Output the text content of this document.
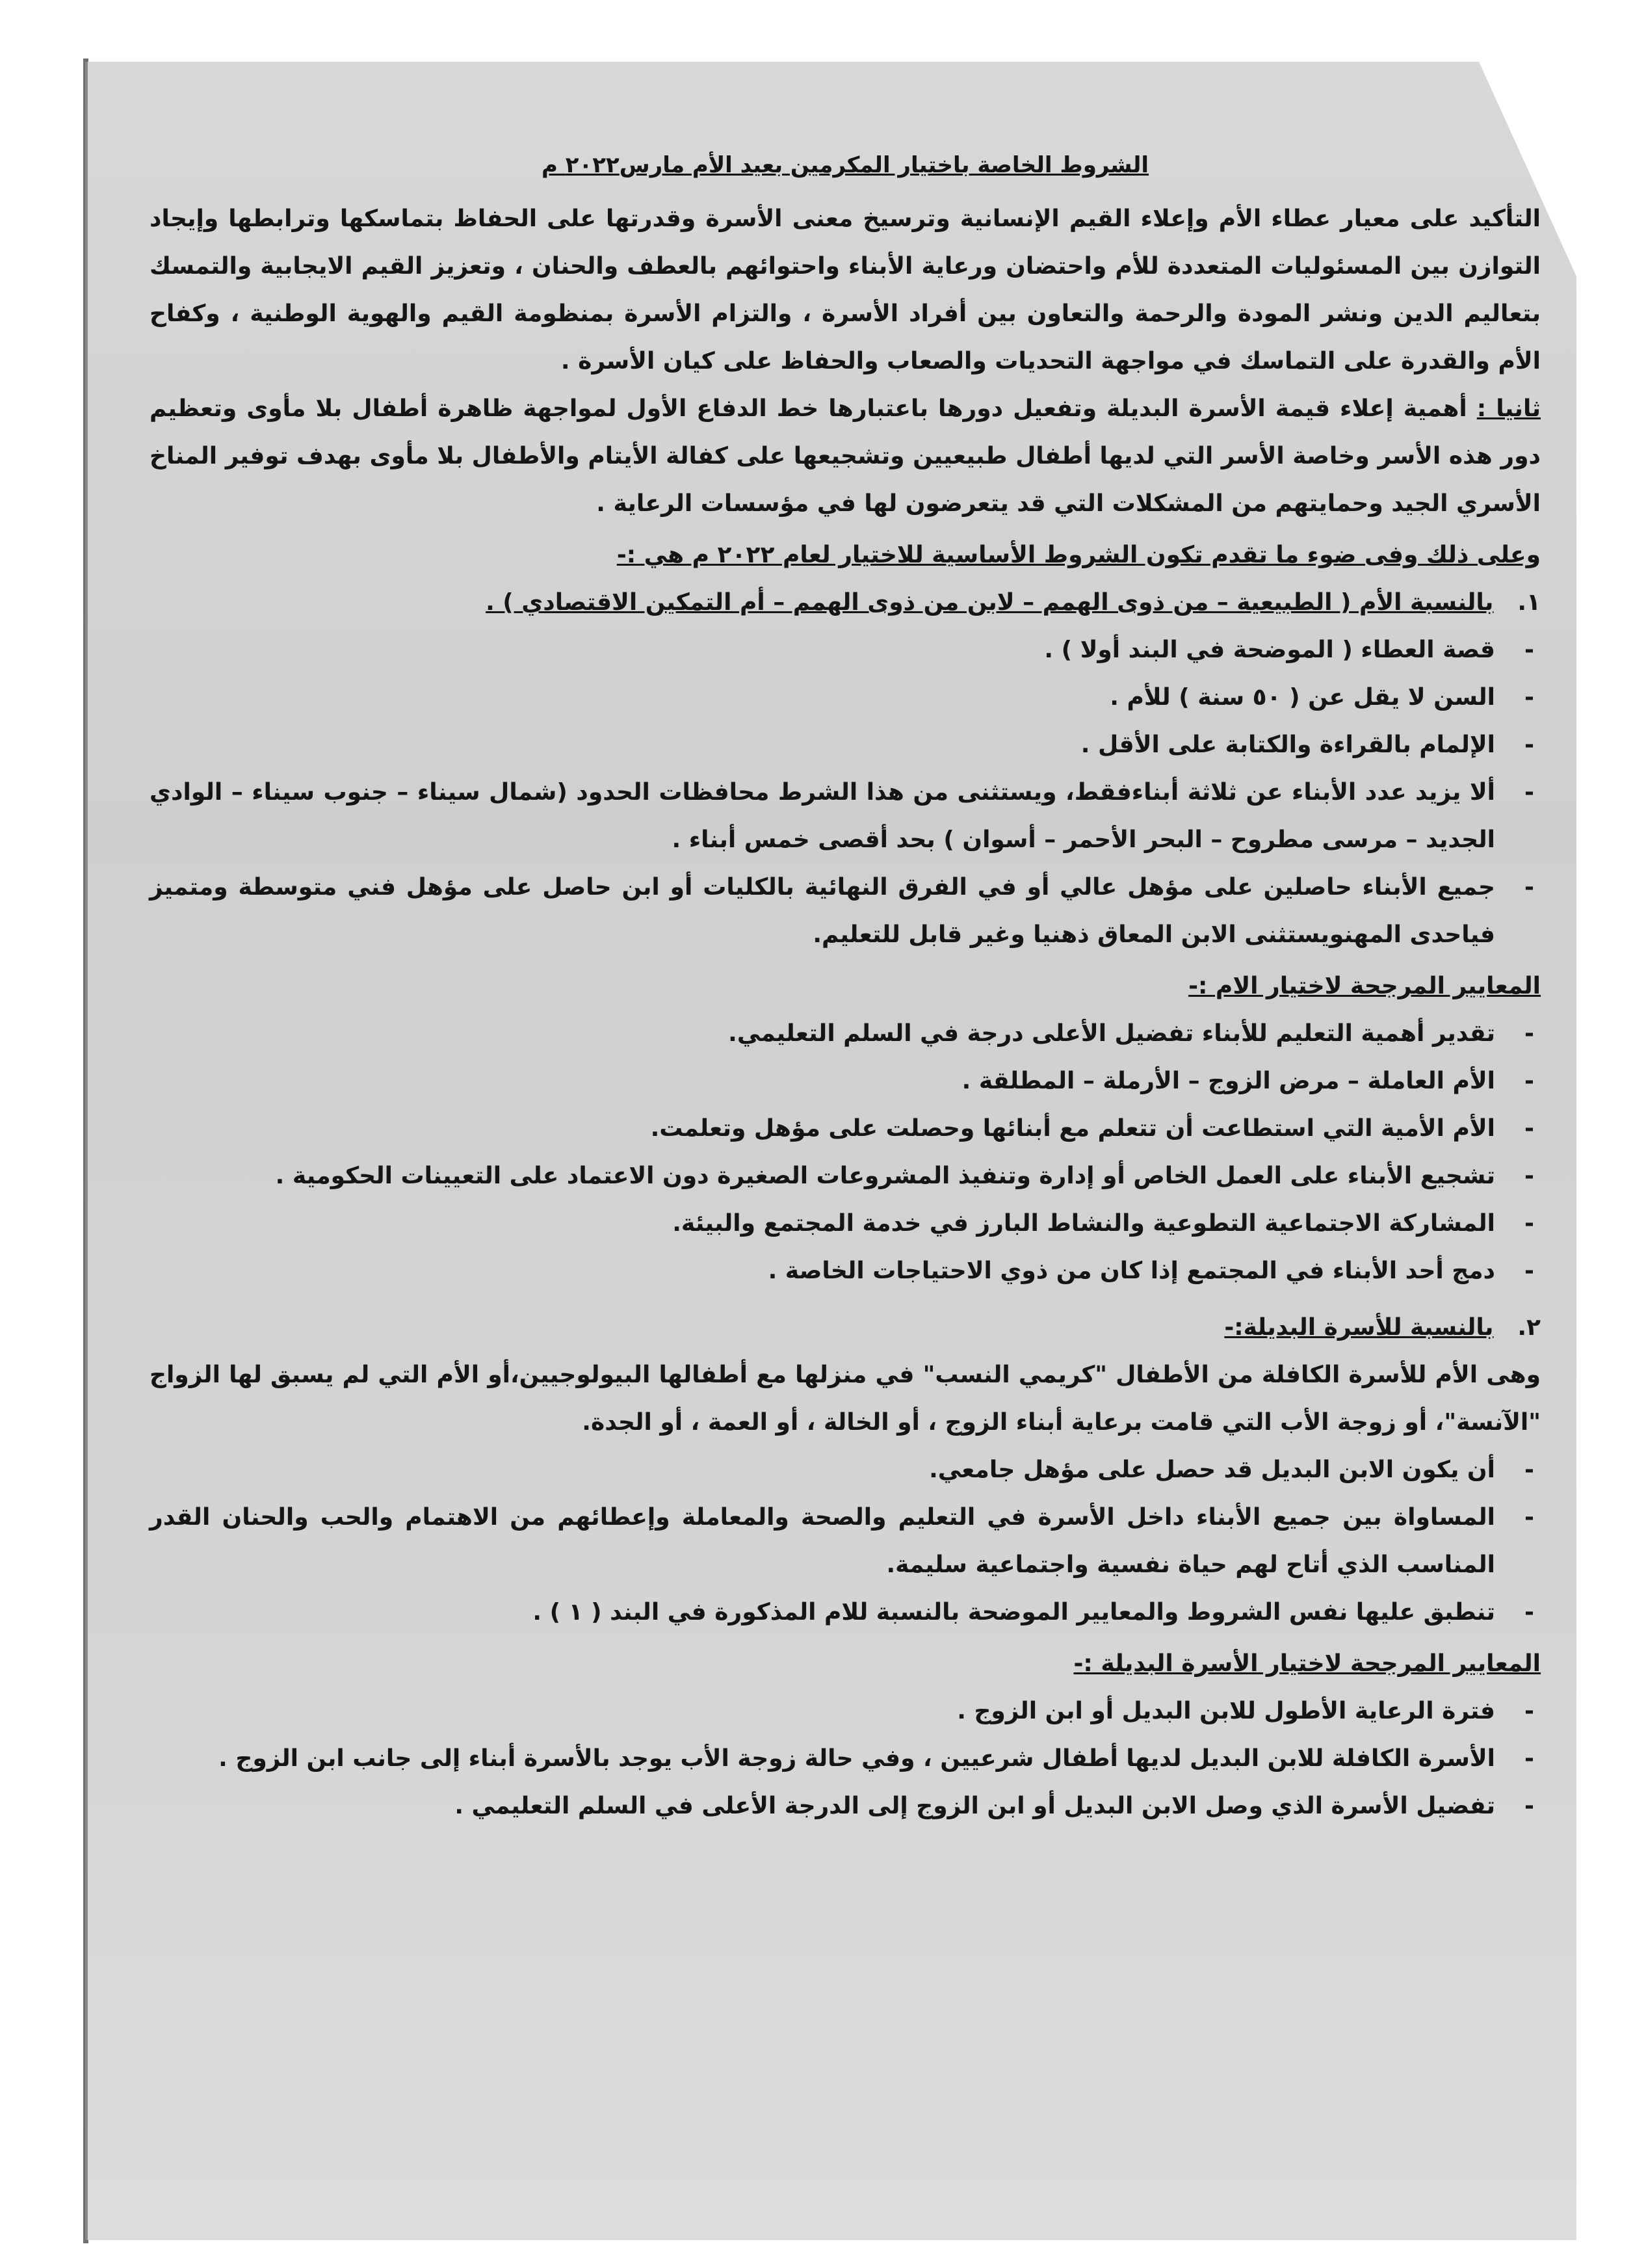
الشروط الخاصة باختيار المكرمين بعيد الأم مارس٢٠٢٢ م

التأكيد على معيار عطاء الأم وإعلاء القيم الإنسانية وترسيخ معنى الأسرة وقدرتها على الحفاظ بتماسكها وترابطها وإيجاد التوازن بين المسئوليات المتعددة للأم واحتضان ورعاية الأبناء واحتوائهم بالعطف والحنان ، وتعزيز القيم الايجابية والتمسك بتعاليم الدين ونشر المودة والرحمة والتعاون بين أفراد الأسرة ، والتزام الأسرة بمنظومة القيم والهوية الوطنية ، وكفاح الأم والقدرة على التماسك في مواجهة التحديات والصعاب والحفاظ على كيان الأسرة .

ثانيا : أهمية إعلاء قيمة الأسرة البديلة وتفعيل دورها باعتبارها خط الدفاع الأول لمواجهة ظاهرة أطفال بلا مأوى وتعظيم دور هذه الأسر وخاصة الأسر التي لديها أطفال طبيعيين وتشجيعها على كفالة الأيتام والأطفال بلا مأوى بهدف توفير المناخ الأسري الجيد وحمايتهم من المشكلات التي قد يتعرضون لها في مؤسسات الرعاية .

وعلى ذلك وفى ضوء ما تقدم تكون الشروط الأساسية للاختيار لعام ٢٠٢٢ م هي :-

١. بالنسبة الأم ( الطبيعية – من ذوى الهمم – لابن من ذوى الهمم – أم التمكين الاقتصادي ) .

- قصة العطاء ( الموضحة في البند أولا ) .
- السن لا يقل عن ( ٥٠ سنة ) للأم .
- الإلمام بالقراءة والكتابة على الأقل .
- ألا يزيد عدد الأبناء عن ثلاثة أبناءفقط، ويستثنى من هذا الشرط محافظات الحدود (شمال سيناء – جنوب سيناء – الوادي الجديد – مرسى مطروح – البحر الأحمر – أسوان ) بحد أقصى خمس أبناء .
- جميع الأبناء حاصلين على مؤهل عالي أو في الفرق النهائية بالكليات أو ابن حاصل على مؤهل فني متوسطة ومتميز فياحدى المهنويستثنى الابن المعاق ذهنيا وغير قابل للتعليم.
المعايير المرجحة لاختيار الام :-
- تقدير أهمية التعليم للأبناء تفضيل الأعلى درجة في السلم التعليمي.
- الأم العاملة – مرض الزوج – الأرملة – المطلقة .
- الأم الأمية التي استطاعت أن تتعلم مع أبنائها وحصلت على مؤهل وتعلمت.
- تشجيع الأبناء على العمل الخاص أو إدارة وتنفيذ المشروعات الصغيرة دون الاعتماد على التعيينات الحكومية .
- المشاركة الاجتماعية التطوعية والنشاط البارز في خدمة المجتمع والبيئة.
- دمج أحد الأبناء في المجتمع إذا كان من ذوي الاحتياجات الخاصة .

٢. بالنسبة للأسرة البديلة:-

وهى الأم للأسرة الكافلة من الأطفال "كريمي النسب" في منزلها مع أطفالها البيولوجيين،أو الأم التي لم يسبق لها الزواج "الآنسة"، أو زوجة الأب التي قامت برعاية أبناء الزوج ، أو الخالة ، أو العمة ، أو الجدة.

- أن يكون الابن البديل قد حصل على مؤهل جامعي.
- المساواة بين جميع الأبناء داخل الأسرة في التعليم والصحة والمعاملة وإعطائهم من الاهتمام والحب والحنان القدر المناسب الذي أتاح لهم حياة نفسية واجتماعية سليمة.
- تنطبق عليها نفس الشروط والمعايير الموضحة بالنسبة للام المذكورة في البند ( ١ ) .
المعايير المرجحة لاختيار الأسرة البديلة :-
- فترة الرعاية الأطول للابن البديل أو ابن الزوج .
- الأسرة الكافلة للابن البديل لديها أطفال شرعيين ، وفي حالة زوجة الأب يوجد بالأسرة أبناء إلى جانب ابن الزوج .
- تفضيل الأسرة الذي وصل الابن البديل أو ابن الزوج إلى الدرجة الأعلى في السلم التعليمي .
